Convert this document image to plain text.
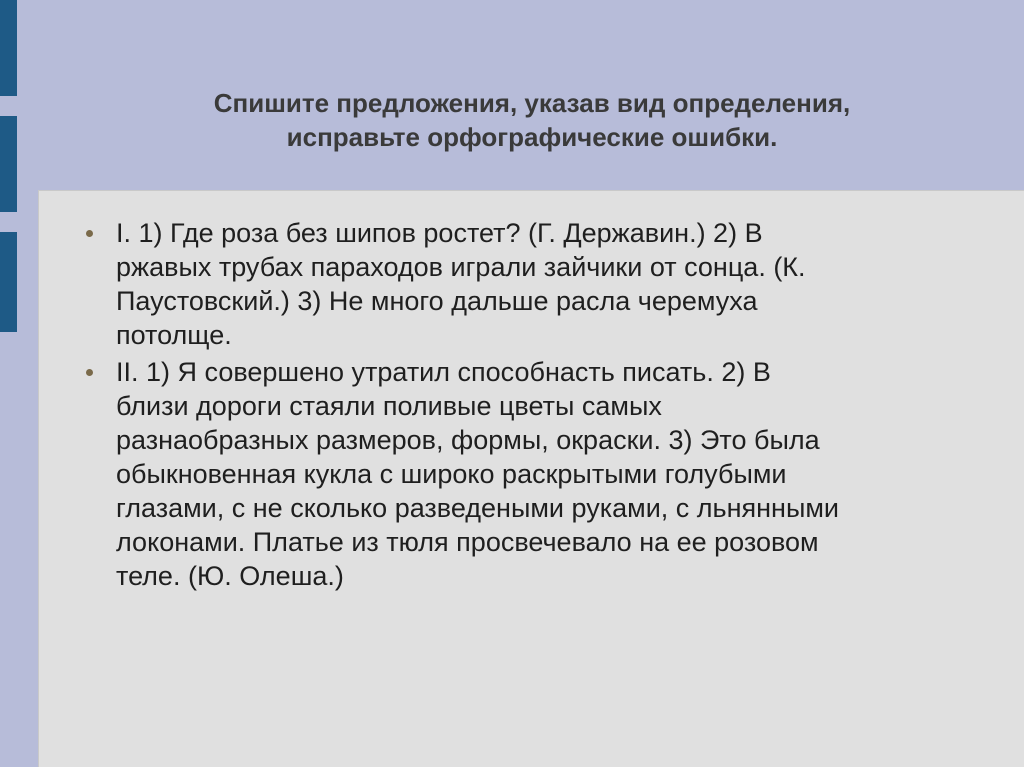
Спишите предложения, указав вид определения,
исправьте орфографические ошибки.
I. 1) Где роза без шипов ростет? (Г. Державин.) 2) В
ржавых трубах параходов играли зайчики от сонца. (К.
Паустовский.) 3) Не много дальше расла черемуха
потолще.
II. 1) Я совершено утратил способнасть писать. 2) В
близи дороги стаяли поливые цветы самых
разнаобразных размеров, формы, окраски. 3) Это была
обыкновенная кукла с широко раскрытыми голубыми
глазами, с не сколько разведеными руками, с льнянными
локонами. Платье из тюля просвечевало на ее розовом
теле. (Ю. Олеша.)
